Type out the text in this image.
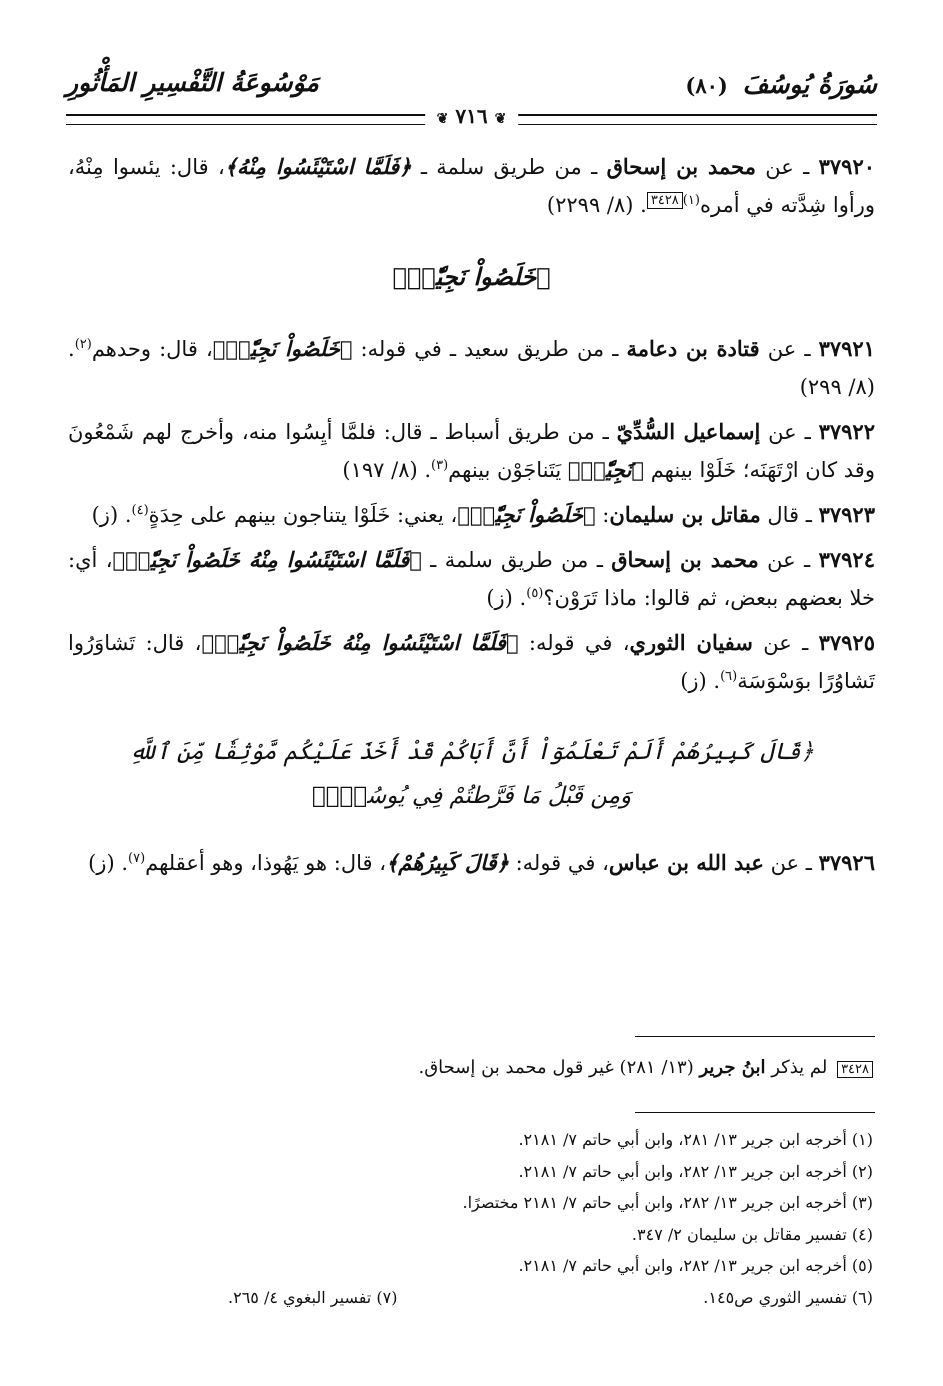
سُورَةُ يُوسُفَ (٨٠)
مَوْسُوعَةُ التَّفْسِيرِ المَأْثُورِ
❦ ٧١٦ ❦

٣٧٩٢٠ ـ عن محمد بن إسحاق ـ من طريق سلمة ـ ﴿فَلَمَّا اسْتَيْئَسُوا مِنْهُ﴾، قال: يئسوا مِنْهُ، ورأوا شِدَّته في أمره$^{(١)٣٤٢٨}$. (٨/ ٢٢٩٩)

﴿خَلَصُواْ نَجِيّٗاۖ﴾

٣٧٩٢١ ـ عن قتادة بن دعامة ـ من طريق سعيد ـ في قوله: ﴿خَلَصُواْ نَجِيّٗاۖ﴾، قال: وحدهم$^{(٢)}$. (٨/ ٢٩٩)

٣٧٩٢٢ ـ عن إسماعيل السُّدِّيّ ـ من طريق أسباط ـ قال: فلمَّا أيِسُوا منه، وأخرج لهم شَمْعُونَ وقد كان ارْتَهَنَه؛ خَلَوْا بينهم ﴿نَجِيّٗاۖ﴾ يَتَناجَوْن بينهم$^{(٣)}$. (٨/ ١٩٧)

٣٧٩٢٣ ـ قال مقاتل بن سليمان: ﴿خَلَصُواْ نَجِيّٗاۖ﴾، يعني: خَلَوْا يتناجون بينهم على حِدَةٍ$^{(٤)}$. (ز)

٣٧٩٢٤ ـ عن محمد بن إسحاق ـ من طريق سلمة ـ ﴿فَلَمَّا اسْتَيْئَسُوا مِنْهُ خَلَصُواْ نَجِيّٗاۖ﴾، أي: خلا بعضهم ببعض، ثم قالوا: ماذا تَرَوْن؟$^{(٥)}$. (ز)

٣٧٩٢٥ ـ عن سفيان الثوري، في قوله: ﴿فَلَمَّا اسْتَيْئَسُوا مِنْهُ خَلَصُواْ نَجِيّٗاۖ﴾، قال: تَشاوَرُوا تَشاوُرًا بوَسْوَسَة$^{(٦)}$. (ز)

﴿قَالَ كَبِيرُهُمْ أَلَمْ تَعْلَمُوٓاْ أَنَّ أَبَاكُمْ قَدْ أَخَذَ عَلَيْكُم مَّوْثِقٗا مِّنَ ٱللَّهِ
وَمِن قَبْلُ مَا فَرَّطتُمْ فِي يُوسُفَۖ﴾

٣٧٩٢٦ ـ عن عبد الله بن عباس، في قوله: ﴿قَالَ كَبِيرُهُمْ﴾، قال: هو يَهُوذا، وهو أعقلهم$^{(٧)}$. (ز)

٣٤٢٨ لم يذكر ابنُ جرير (١٣/ ٢٨١) غير قول محمد بن إسحاق.
(١) أخرجه ابن جرير ١٣/ ٢٨١، وابن أبي حاتم ٧/ ٢١٨١.
(٢) أخرجه ابن جرير ١٣/ ٢٨٢، وابن أبي حاتم ٧/ ٢١٨١.
(٣) أخرجه ابن جرير ١٣/ ٢٨٢، وابن أبي حاتم ٧/ ٢١٨١ مختصرًا.
(٤) تفسير مقاتل بن سليمان ٢/ ٣٤٧.
(٥) أخرجه ابن جرير ١٣/ ٢٨٢، وابن أبي حاتم ٧/ ٢١٨١.
(٦) تفسير الثوري ص١٤٥.
(٧) تفسير البغوي ٤/ ٢٦٥.
